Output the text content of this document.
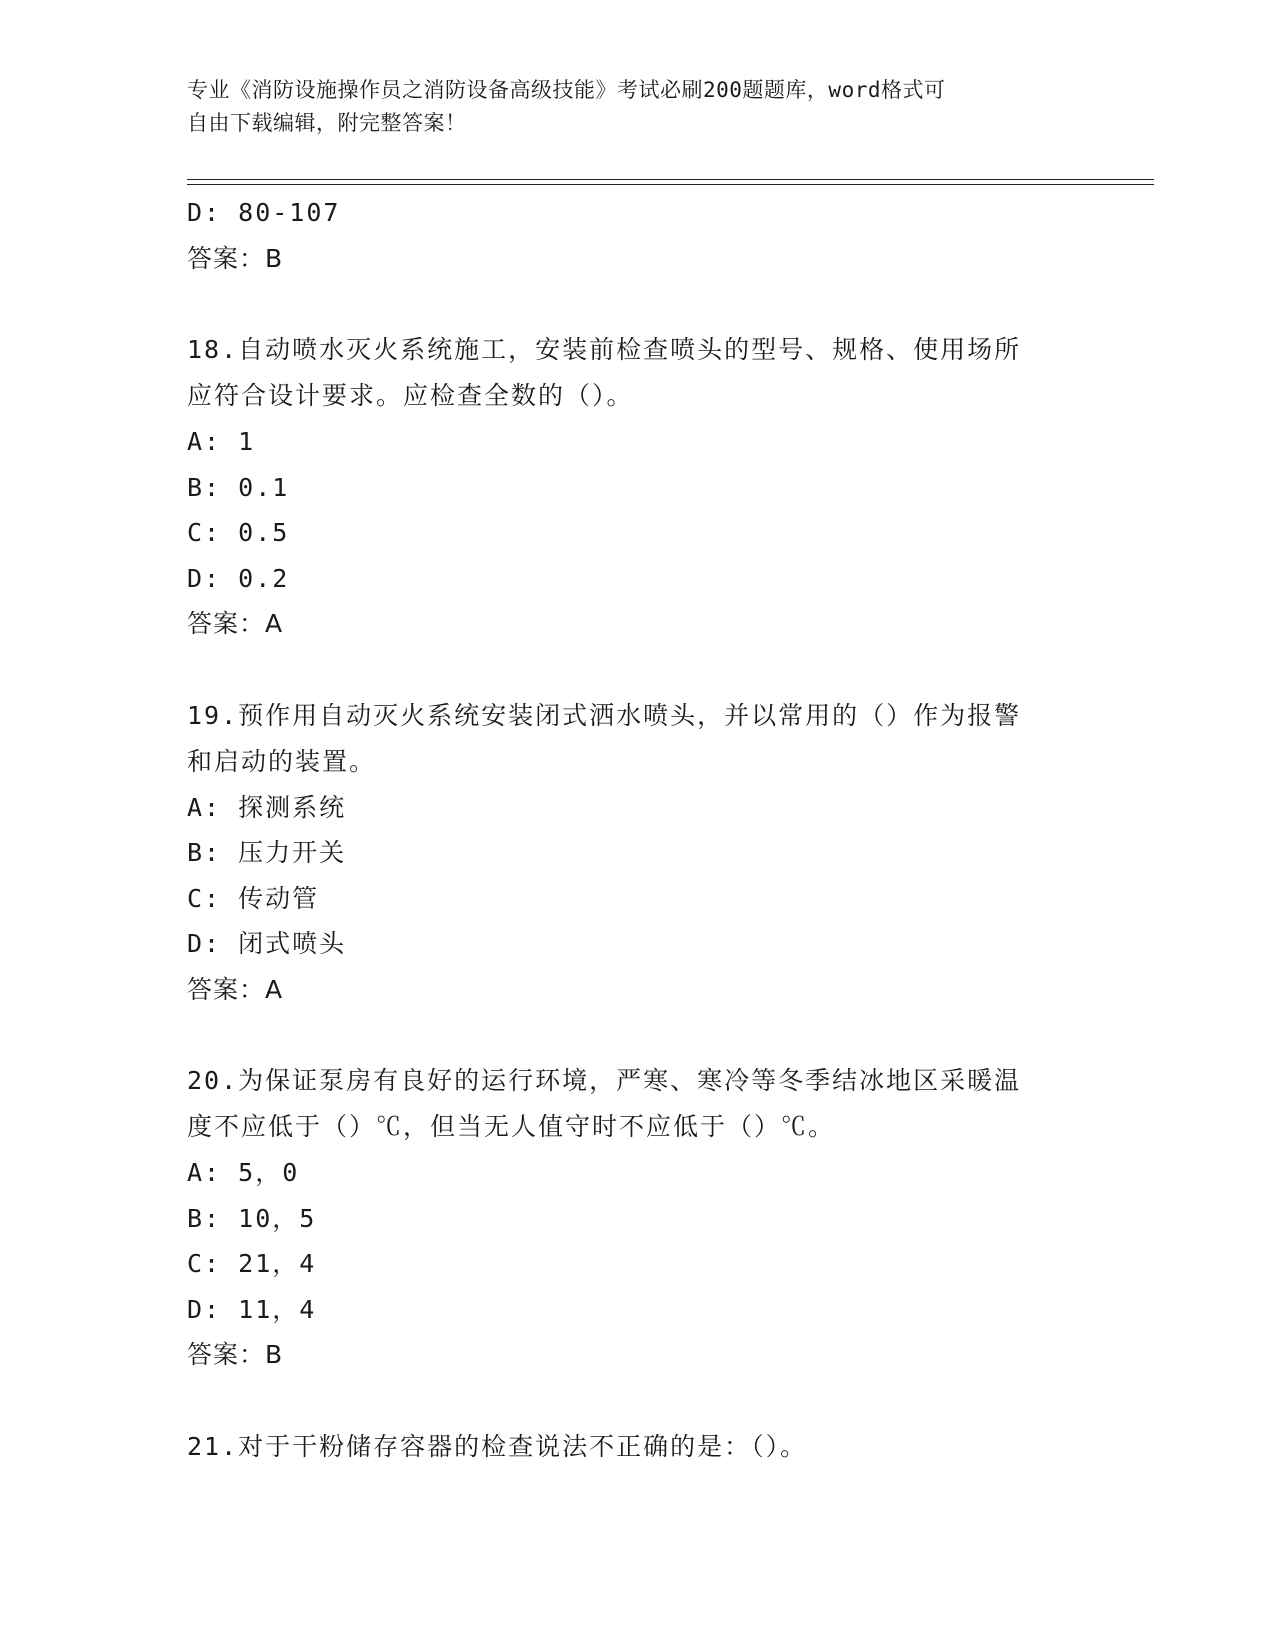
专业《消防设施操作员之消防设备高级技能》考试必刷200题题库，word格式可
自由下载编辑，附完整答案！
D: 80-107
答案：B
18.自动喷水灭火系统施工，安装前检查喷头的型号、规格、使用场所
应符合设计要求。应检查全数的（）。
A: 1
B: 0.1
C: 0.5
D: 0.2
答案：A
19.预作用自动灭火系统安装闭式洒水喷头，并以常用的（）作为报警
和启动的装置。
A: 探测系统
B: 压力开关
C: 传动管
D: 闭式喷头
答案：A
20.为保证泵房有良好的运行环境，严寒、寒冷等冬季结冰地区采暖温
度不应低于（）℃，但当无人值守时不应低于（）℃。
A: 5，0
B: 10，5
C: 21，4
D: 11，4
答案：B
21.对于干粉储存容器的检查说法不正确的是：（）。
